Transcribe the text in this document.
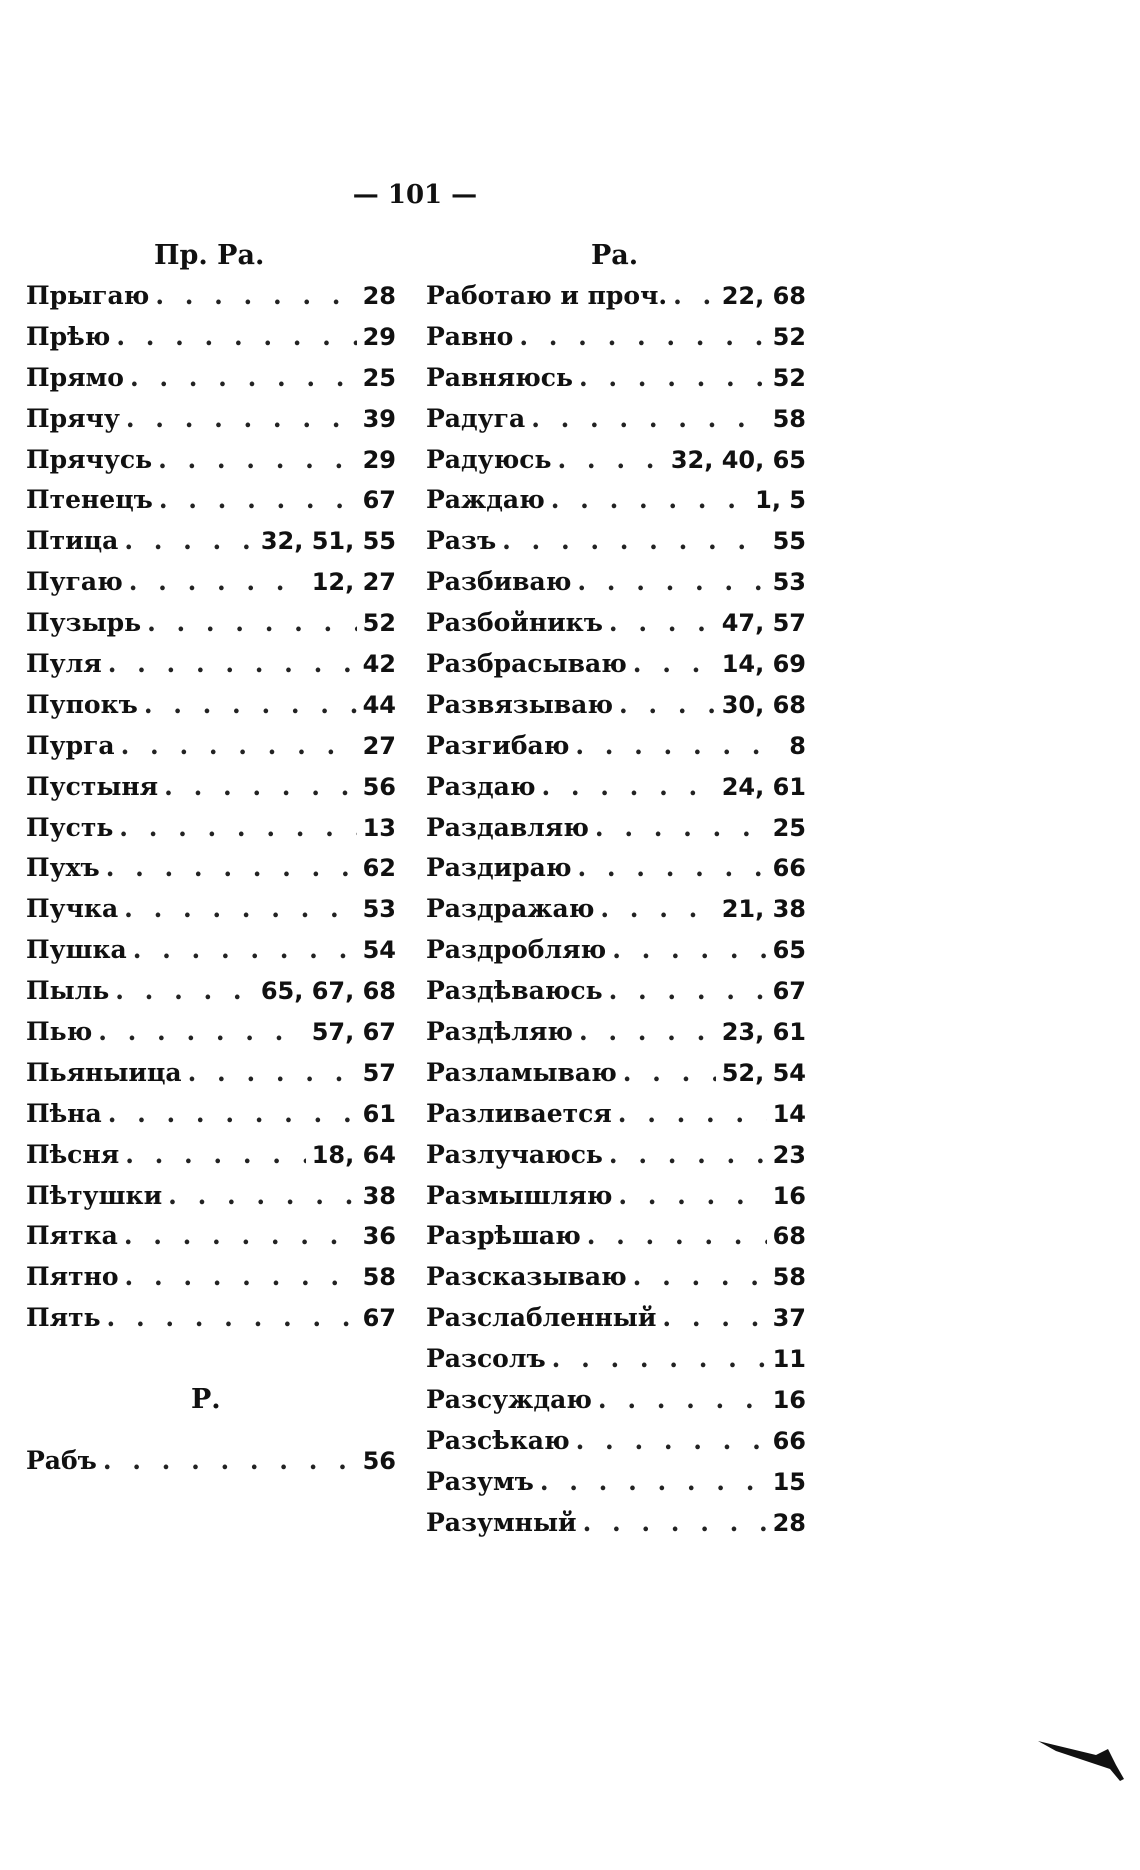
— 101 —
Пр. Ра.
Прыгаю . . .	28
Прѣю . . .	29
Прямо . . .	25
Прячу . . .	39
Прячусь . . .	29
Птенецъ . . .	67
Птица . . .	32, 51, 55
Пугаю . . .	12, 27
Пузырь . . .	52
Пуля . . .	42
Пупокъ . . .	44
Пурга . . .	27
Пустыня . . .	56
Пусть . . .	13
Пухъ . . .	62
Пучка . . .	53
Пушка . . .	54
Пыль . . .	65, 67, 68
Пью . . .	57, 67
Пьяныица . . .	57
Пѣна . . .	61
Пѣсня . . .	18, 64
Пѣтушки . . .	38
Пятка . . .	36
Пятно . . .	58
Пять . . .	67
Р.
Рабъ . . .	56
Ра.
Работаю и проч. . . . 22, 68
Равно . . .	52
Равняюсь . . .	52
Радуга . . .	58
Радуюсь . . .	32, 40, 65
Раждаю . . .	1, 5
Разъ . . .	55
Разбиваю . . .	53
Разбойникъ . . .	47, 57
Разбрасываю . . .	14, 69
Развязываю . . .	30, 68
Разгибаю . . .	8
Раздаю . . .	24, 61
Раздавляю . . .	25
Раздираю . . .	66
Раздражаю . . .	21, 38
Раздробляю . . .	65
Раздѣваюсь . . .	67
Раздѣляю . . .	23, 61
Разламываю . . .	52, 54
Разливается . . .	14
Разлучаюсь . . .	23
Размышляю . . .	16
Разрѣшаю . . .	68
Разсказываю . . .	58
Разслабленный . . .	37
Разсолъ . . .	11
Разсуждаю . . .	16
Разсѣкаю . . .	66
Разумъ . . .	15
Разумный . . .	28
